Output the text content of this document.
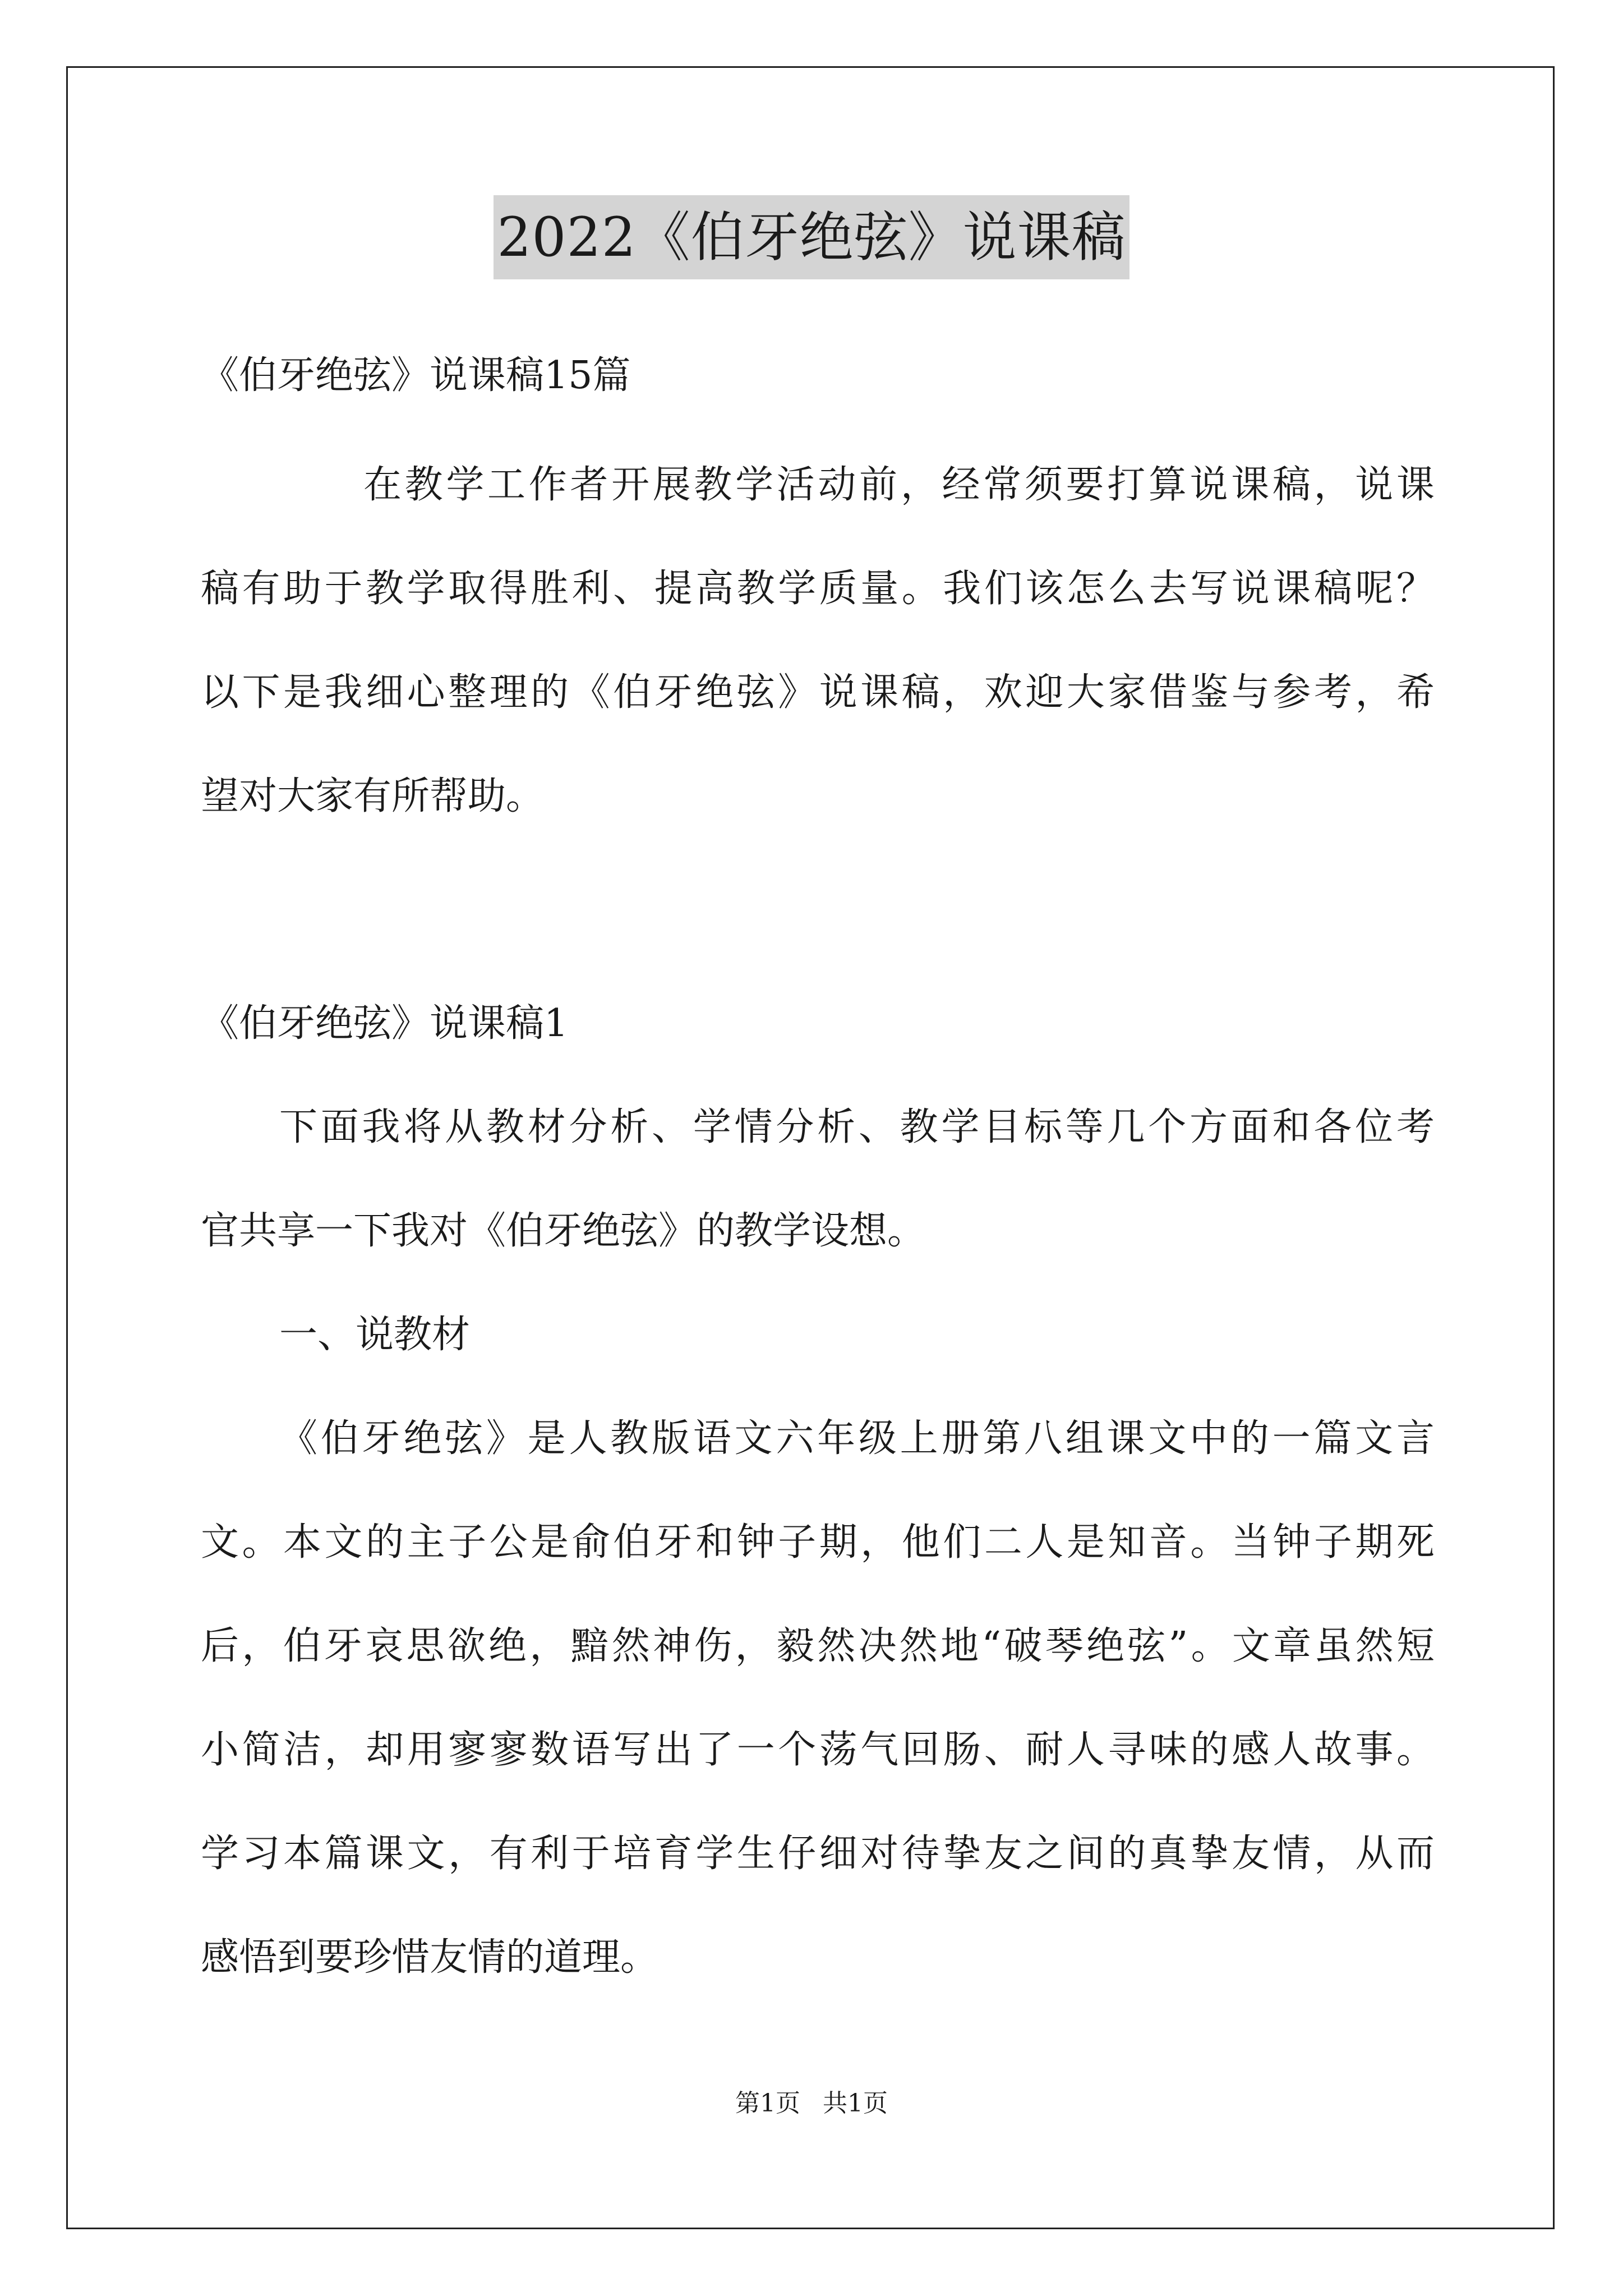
2022《伯牙绝弦》说课稿
《伯牙绝弦》说课稿15篇
在教学工作者开展教学活动前，经常须要打算说课稿，说课
稿有助于教学取得胜利、提高教学质量。我们该怎么去写说课稿呢？
以下是我细心整理的《伯牙绝弦》说课稿，欢迎大家借鉴与参考，希
望对大家有所帮助。
《伯牙绝弦》说课稿1
下面我将从教材分析、学情分析、教学目标等几个方面和各位考
官共享一下我对《伯牙绝弦》的教学设想。
一、说教材
《伯牙绝弦》是人教版语文六年级上册第八组课文中的一篇文言
文。本文的主子公是俞伯牙和钟子期，他们二人是知音。当钟子期死
后，伯牙哀思欲绝，黯然神伤，毅然决然地“破琴绝弦”。文章虽然短
小简洁，却用寥寥数语写出了一个荡气回肠、耐人寻味的感人故事。
学习本篇课文，有利于培育学生仔细对待挚友之间的真挚友情，从而
感悟到要珍惜友情的道理。
第1页 共1页
